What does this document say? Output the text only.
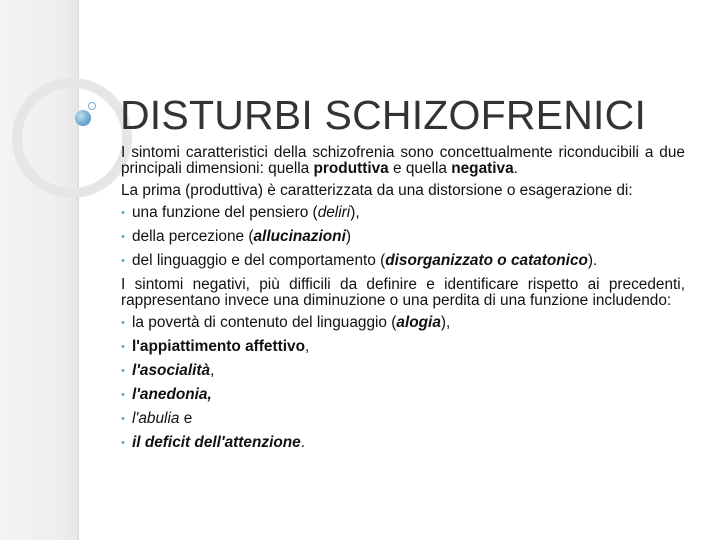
DISTURBI SCHIZOFRENICI

I sintomi caratteristici della schizofrenia sono concettualmente riconducibili a due principali dimensioni: quella produttiva e quella negativa.

La prima (produttiva) è caratterizzata da una distorsione o esagerazione di:

• una funzione del pensiero (deliri),
• della percezione (allucinazioni)
• del linguaggio e del comportamento (disorganizzato o catatonico).

I sintomi negativi, più difficili da definire e identificare rispetto ai precedenti, rappresentano invece una diminuzione o una perdita di una funzione includendo:

• la povertà di contenuto del linguaggio (alogia),
• l'appiattimento affettivo,
• l'asocialità,
• l'anedonia,
• l'abulia e
• il deficit dell'attenzione.
